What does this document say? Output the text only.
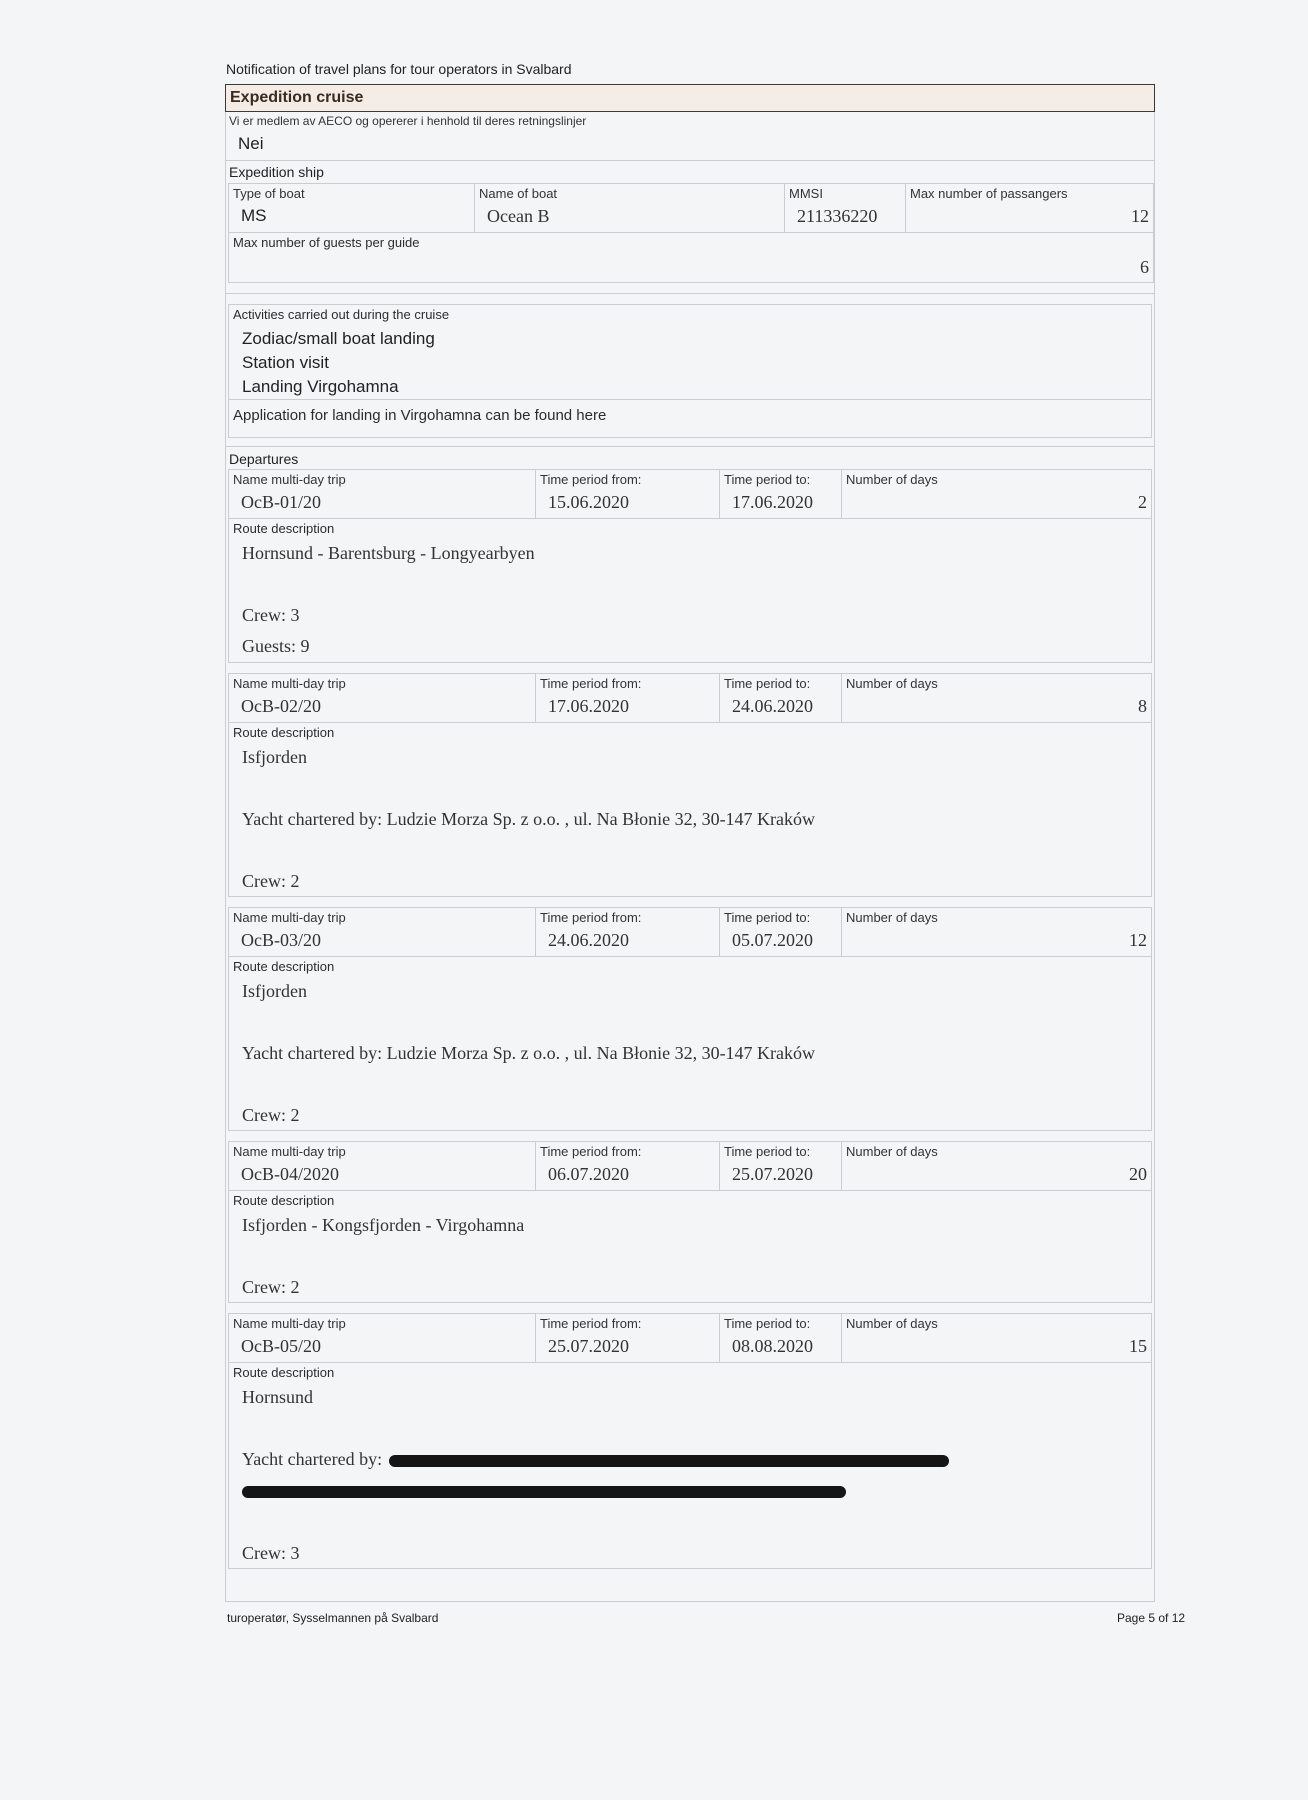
Notification of travel plans for tour operators in Svalbard
Expedition cruise
Vi er medlem av AECO og opererer i henhold til deres retningslinjer
Nei
Expedition ship
Type of boat
MS
Name of boat
Ocean B
MMSI
211336220
Max number of passangers
12
Max number of guests per guide
6
Activities carried out during the cruise
Zodiac/small boat landing
Station visit
Landing Virgohamna
Application for landing in Virgohamna can be found here
Departures
Name multi-day trip
OcB-01/20
Time period from:
15.06.2020
Time period to:
17.06.2020
Number of days
2
Route description
Hornsund - Barentsburg - Longyearbyen
Crew: 3
Guests: 9
Name multi-day trip
OcB-02/20
Time period from:
17.06.2020
Time period to:
24.06.2020
Number of days
8
Route description
Isfjorden
Yacht chartered by: Ludzie Morza Sp. z o.o. , ul. Na Błonie 32, 30-147 Kraków
Crew: 2
Name multi-day trip
OcB-03/20
Time period from:
24.06.2020
Time period to:
05.07.2020
Number of days
12
Route description
Isfjorden
Yacht chartered by: Ludzie Morza Sp. z o.o. , ul. Na Błonie 32, 30-147 Kraków
Crew: 2
Name multi-day trip
OcB-04/2020
Time period from:
06.07.2020
Time period to:
25.07.2020
Number of days
20
Route description
Isfjorden - Kongsfjorden - Virgohamna
Crew: 2
Name multi-day trip
OcB-05/20
Time period from:
25.07.2020
Time period to:
08.08.2020
Number of days
15
Route description
Hornsund
Yacht chartered by:
Crew: 3
turoperatør, Sysselmannen på Svalbard	Page 5 of 12
